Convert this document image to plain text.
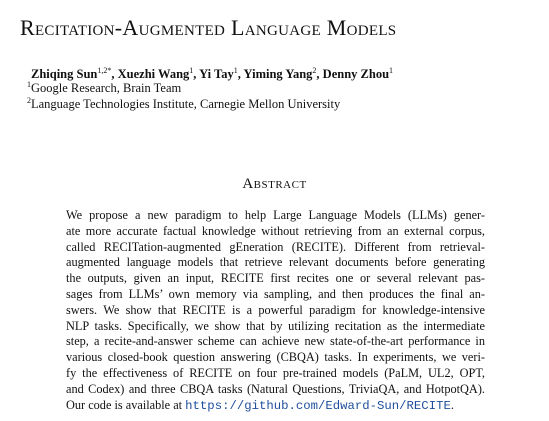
Recitation-Augmented Language Models
Zhiqing Sun$^{1,2*}$, Xuezhi Wang$^1$, Yi Tay$^1$, Yiming Yang$^2$, Denny Zhou$^1$
$^1$Google Research, Brain Team
$^2$Language Technologies Institute, Carnegie Mellon University
Abstract
We propose a new paradigm to help Large Language Models (LLMs) gener-
ate more accurate factual knowledge without retrieving from an external corpus,
called RECITation-augmented gEneration (RECITE). Different from retrieval-
augmented language models that retrieve relevant documents before generating
the outputs, given an input, RECITE first recites one or several relevant pas-
sages from LLMs’ own memory via sampling, and then produces the final an-
swers. We show that RECITE is a powerful paradigm for knowledge-intensive
NLP tasks. Specifically, we show that by utilizing recitation as the intermediate
step, a recite-and-answer scheme can achieve new state-of-the-art performance in
various closed-book question answering (CBQA) tasks. In experiments, we veri-
fy the effectiveness of RECITE on four pre-trained models (PaLM, UL2, OPT,
and Codex) and three CBQA tasks (Natural Questions, TriviaQA, and HotpotQA).
Our code is available at https://github.com/Edward-Sun/RECITE.
